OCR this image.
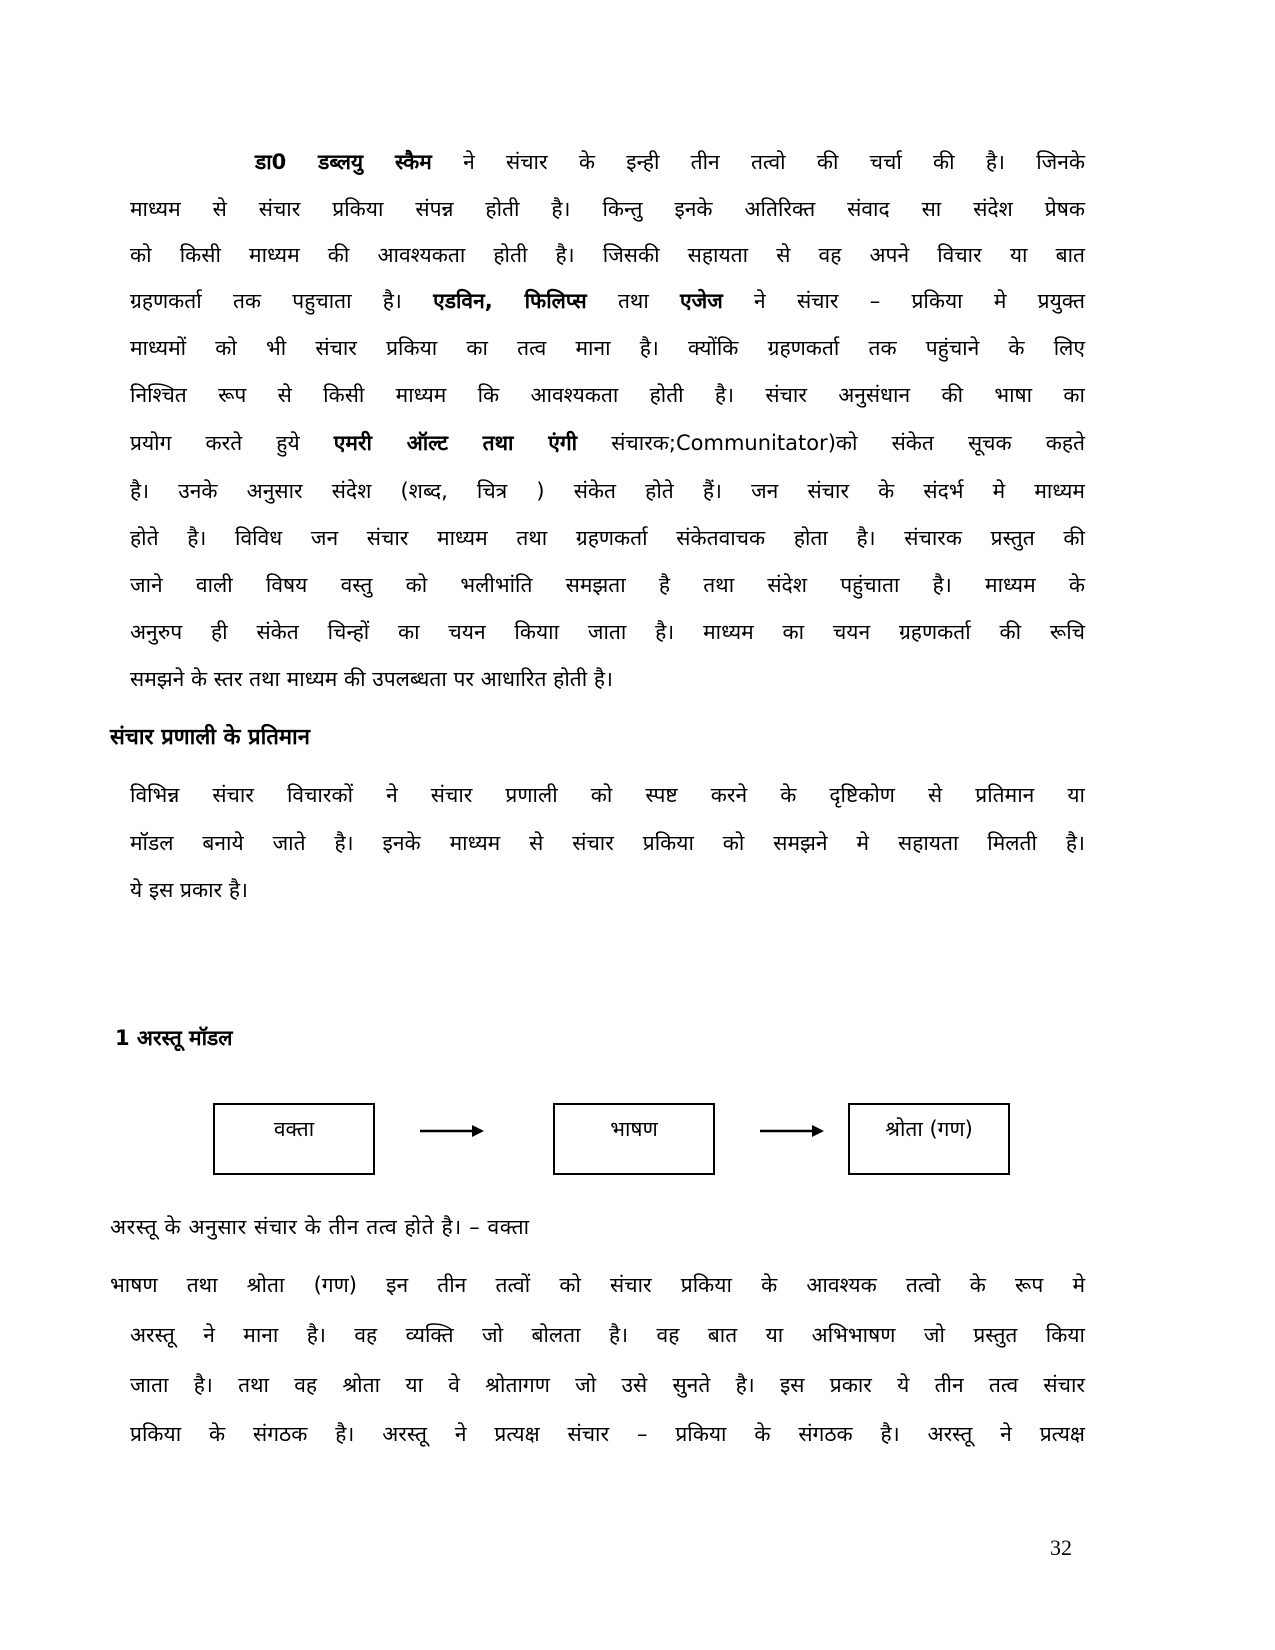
डा0 डब्लयु स्कैम ने संचार के इन्ही तीन तत्वो की चर्चा की है। जिनके
माध्यम से संचार प्रकिया संपन्न होती है। किन्तु इनके अतिरिक्त संवाद सा संदेश प्रेषक
को किसी माध्यम की आवश्यकता होती है। जिसकी सहायता से वह अपने विचार या बात
ग्रहणकर्ता तक पहुचाता है। एडविन, फिलिप्स तथा एजेज ने संचार – प्रकिया मे प्रयुक्त
माध्यमों को भी संचार प्रकिया का तत्व माना है। क्योंकि ग्रहणकर्ता तक पहुंचाने के लिए
निश्चित रूप से किसी माध्यम कि आवश्यकता होती है। संचार अनुसंधान की भाषा का
प्रयोग करते हुये एमरी ऑल्ट तथा एंगी संचारक;Communitator)को संकेत सूचक कहते
है। उनके अनुसार संदेश (शब्द, चित्र ) संकेत होते हैं। जन संचार के संदर्भ मे माध्यम
होते है। विविध जन संचार माध्यम तथा ग्रहणकर्ता संकेतवाचक होता है। संचारक प्रस्तुत की
जाने वाली विषय वस्तु को भलीभांति समझता है तथा संदेश पहुंचाता है। माध्यम के
अनुरुप ही संकेत चिन्हों का चयन कियाा जाता है। माध्यम का चयन ग्रहणकर्ता की रूचि
समझने के स्तर तथा माध्यम की उपलब्धता पर आधारित होती है।
संचार प्रणाली के प्रतिमान
विभिन्न संचार विचारकों ने संचार प्रणाली को स्पष्ट करने के दृष्टिकोण से प्रतिमान या
मॉडल बनाये जाते है। इनके माध्यम से संचार प्रकिया को समझने मे सहायता मिलती है।
ये इस प्रकार है।
1 अरस्तू मॉडल
वक्ता	भाषण	श्रोता (गण)
अरस्तू के अनुसार संचार के तीन तत्व होते है। – वक्ता
भाषण तथा श्रोता (गण) इन तीन तत्वों को संचार प्रकिया के आवश्यक तत्वो के रूप मे
अरस्तू ने माना है। वह व्यक्ति जो बोलता है। वह बात या अभिभाषण जो प्रस्तुत किया
जाता है। तथा वह श्रोता या वे श्रोतागण जो उसे सुनते है। इस प्रकार ये तीन तत्व संचार
प्रकिया के संगठक है। अरस्तू ने प्रत्यक्ष संचार – प्रकिया के संगठक है। अरस्तू ने प्रत्यक्ष
32
